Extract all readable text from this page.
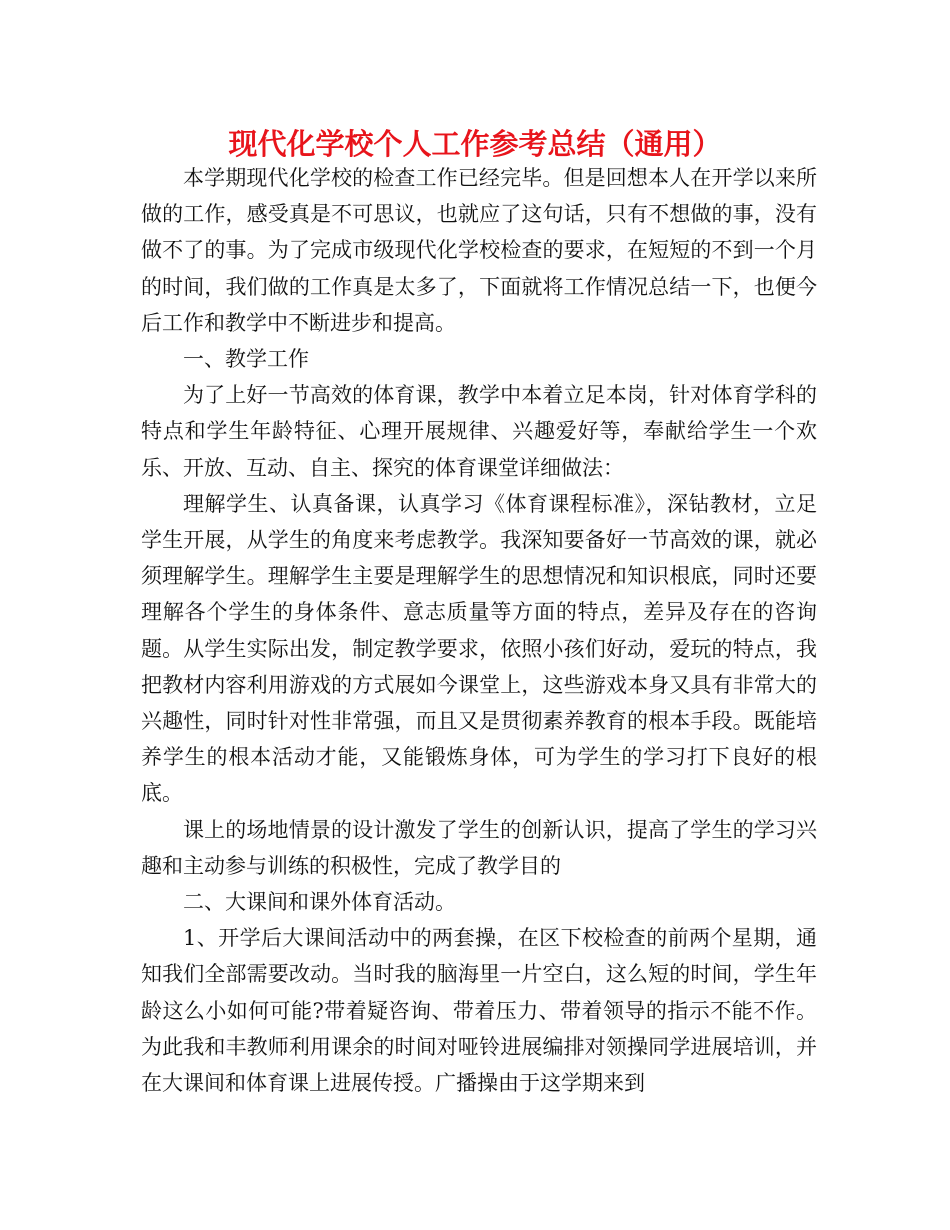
现代化学校个人工作参考总结（通用）

本学期现代化学校的检查工作已经完毕。但是回想本人在开学以来所做的工作，感受真是不可思议，也就应了这句话，只有不想做的事，没有做不了的事。为了完成市级现代化学校检查的要求，在短短的不到一个月的时间，我们做的工作真是太多了，下面就将工作情况总结一下，也便今后工作和教学中不断进步和提高。

一、教学工作

为了上好一节高效的体育课，教学中本着立足本岗，针对体育学科的特点和学生年龄特征、心理开展规律、兴趣爱好等，奉献给学生一个欢乐、开放、互动、自主、探究的体育课堂详细做法：

理解学生、认真备课，认真学习《体育课程标准》，深钻教材，立足学生开展，从学生的角度来考虑教学。我深知要备好一节高效的课，就必须理解学生。理解学生主要是理解学生的思想情况和知识根底，同时还要理解各个学生的身体条件、意志质量等方面的特点，差异及存在的咨询题。从学生实际出发，制定教学要求，依照小孩们好动，爱玩的特点，我把教材内容利用游戏的方式展如今课堂上，这些游戏本身又具有非常大的兴趣性，同时针对性非常强，而且又是贯彻素养教育的根本手段。既能培养学生的根本活动才能，又能锻炼身体，可为学生的学习打下良好的根底。

课上的场地情景的设计激发了学生的创新认识，提高了学生的学习兴趣和主动参与训练的积极性，完成了教学目的

二、大课间和课外体育活动。

1、开学后大课间活动中的两套操，在区下校检查的前两个星期，通知我们全部需要改动。当时我的脑海里一片空白，这么短的时间，学生年龄这么小如何可能?带着疑咨询、带着压力、带着领导的指示不能不作。为此我和丰教师利用课余的时间对哑铃进展编排对领操同学进展培训，并在大课间和体育课上进展传授。广播操由于这学期来到
